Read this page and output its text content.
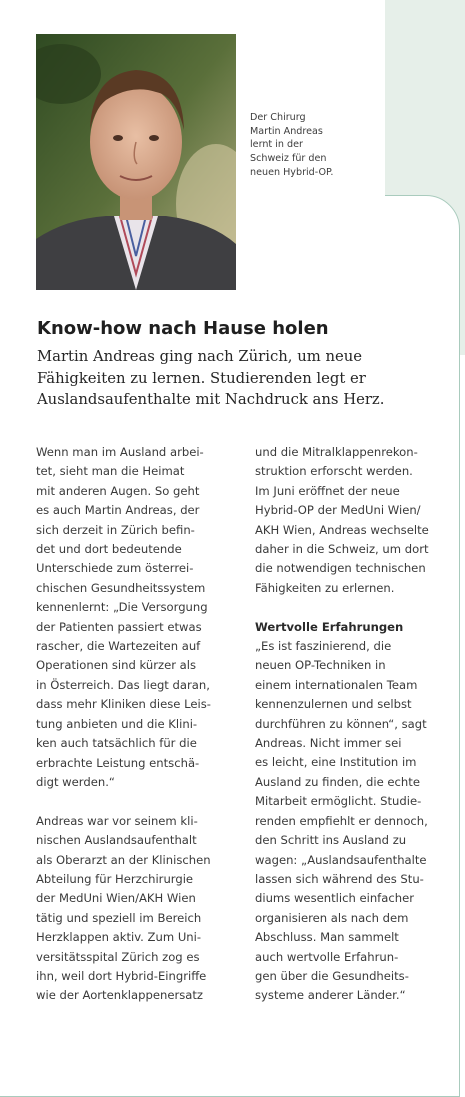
Der Chirurg
Martin Andreas
lernt in der
Schweiz für den
neuen Hybrid-OP.
Know-how nach Hause holen
Martin Andreas ging nach Zürich, um neue
Fähigkeiten zu lernen. Studierenden legt er
Auslandsaufenthalte mit Nachdruck ans Herz.
Wenn man im Ausland arbei-
tet, sieht man die Heimat
mit anderen Augen. So geht
es auch Martin Andreas, der
sich derzeit in Zürich befin-
det und dort bedeutende
Unterschiede zum österrei-
chischen Gesundheitssystem
kennenlernt: „Die Versorgung
der Patienten passiert etwas
rascher, die Wartezeiten auf
Operationen sind kürzer als
in Österreich. Das liegt daran,
dass mehr Kliniken diese Leis-
tung anbieten und die Klini-
ken auch tatsächlich für die
erbrachte Leistung entschä-
digt werden.“
Andreas war vor seinem kli-
nischen Auslandsaufenthalt
als Oberarzt an der Klinischen
Abteilung für Herzchirurgie
der MedUni Wien/AKH Wien
tätig und speziell im Bereich
Herzklappen aktiv. Zum Uni-
versitätsspital Zürich zog es
ihn, weil dort Hybrid-Eingriffe
wie der Aortenklappenersatz
und die Mitralklappenrekon-
struktion erforscht werden.
Im Juni eröffnet der neue
Hybrid-OP der MedUni Wien/
AKH Wien, Andreas wechselte
daher in die Schweiz, um dort
die notwendigen technischen
Fähigkeiten zu erlernen.
Wertvolle Erfahrungen
„Es ist faszinierend, die
neuen OP-Techniken in
einem internationalen Team
kennenzulernen und selbst
durchführen zu können“, sagt
Andreas. Nicht immer sei
es leicht, eine Institution im
Ausland zu finden, die echte
Mitarbeit ermöglicht. Studie-
renden empfiehlt er dennoch,
den Schritt ins Ausland zu
wagen: „Auslandsaufenthalte
lassen sich während des Stu-
diums wesentlich einfacher
organisieren als nach dem
Abschluss. Man sammelt
auch wertvolle Erfahrun-
gen über die Gesundheits-
systeme anderer Länder.“
